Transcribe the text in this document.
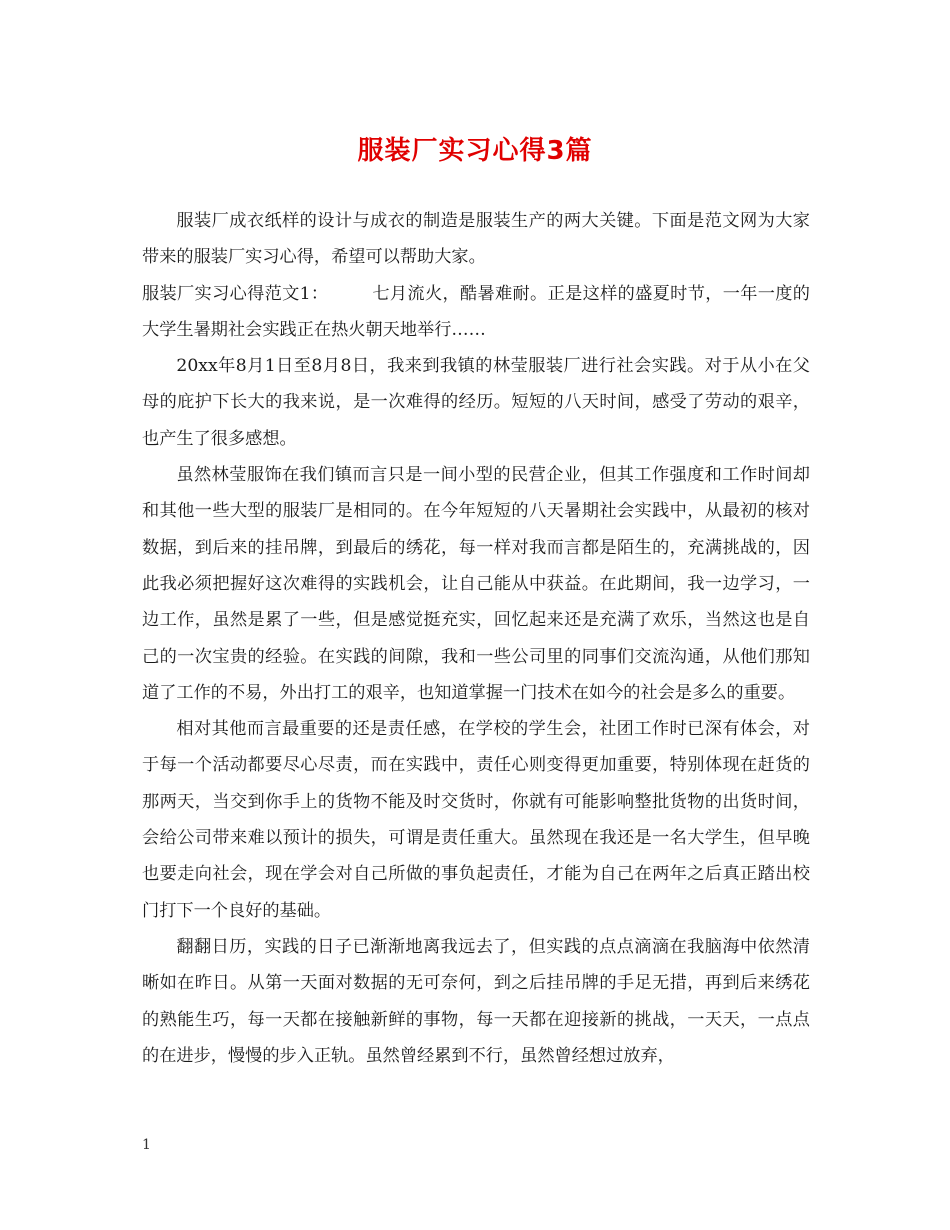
服装厂实习心得3篇

服装厂成衣纸样的设计与成衣的制造是服装生产的两大关键。下面是范文网为大家带来的服装厂实习心得，希望可以帮助大家。

服装厂实习心得范文1：　　　七月流火，酷暑难耐。正是这样的盛夏时节，一年一度的大学生暑期社会实践正在热火朝天地举行……

20xx年8月1日至8月8日，我来到我镇的林莹服装厂进行社会实践。对于从小在父母的庇护下长大的我来说，是一次难得的经历。短短的八天时间，感受了劳动的艰辛，也产生了很多感想。

虽然林莹服饰在我们镇而言只是一间小型的民营企业，但其工作强度和工作时间却和其他一些大型的服装厂是相同的。在今年短短的八天暑期社会实践中，从最初的核对数据，到后来的挂吊牌，到最后的绣花，每一样对我而言都是陌生的，充满挑战的，因此我必须把握好这次难得的实践机会，让自己能从中获益。在此期间，我一边学习，一边工作，虽然是累了一些，但是感觉挺充实，回忆起来还是充满了欢乐，当然这也是自己的一次宝贵的经验。在实践的间隙，我和一些公司里的同事们交流沟通，从他们那知道了工作的不易，外出打工的艰辛，也知道掌握一门技术在如今的社会是多么的重要。

相对其他而言最重要的还是责任感，在学校的学生会，社团工作时已深有体会，对于每一个活动都要尽心尽责，而在实践中，责任心则变得更加重要，特别体现在赶货的那两天，当交到你手上的货物不能及时交货时，你就有可能影响整批货物的出货时间，会给公司带来难以预计的损失，可谓是责任重大。虽然现在我还是一名大学生，但早晚也要走向社会，现在学会对自己所做的事负起责任，才能为自己在两年之后真正踏出校门打下一个良好的基础。

翻翻日历，实践的日子已渐渐地离我远去了，但实践的点点滴滴在我脑海中依然清晰如在昨日。从第一天面对数据的无可奈何，到之后挂吊牌的手足无措，再到后来绣花的熟能生巧，每一天都在接触新鲜的事物，每一天都在迎接新的挑战，一天天，一点点的在进步，慢慢的步入正轨。虽然曾经累到不行，虽然曾经想过放弃，

1
